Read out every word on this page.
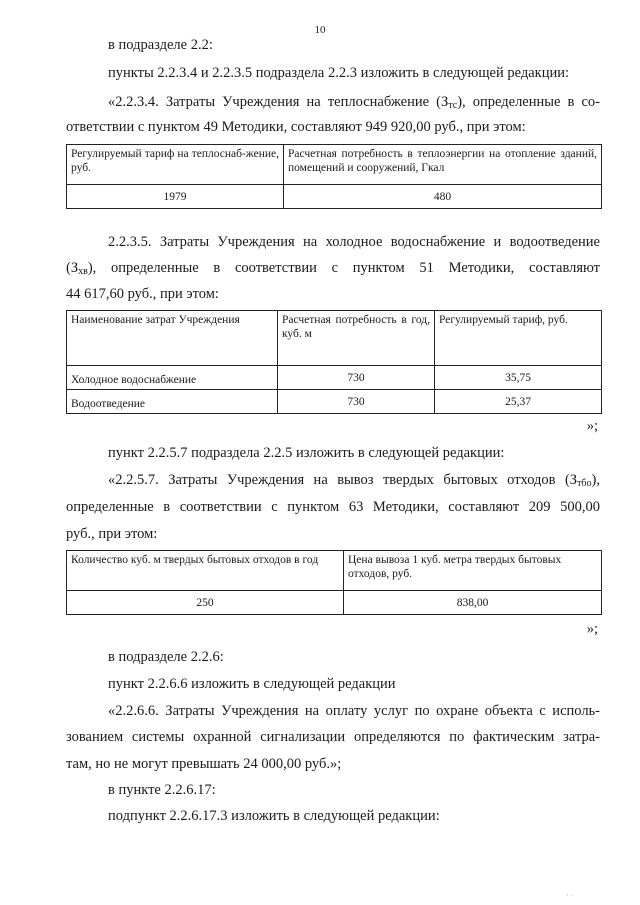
10
в подразделе 2.2:
пункты 2.2.3.4 и 2.2.3.5 подраздела 2.2.3 изложить в следующей редакции:
«2.2.3.4. Затраты Учреждения на теплоснабжение $(З_{тс})$, определенные в со-
ответствии с пунктом 49 Методики, составляют 949 920,00 руб., при этом:
Регулируемый тариф на теплоснаб-жение, руб.	Расчетная потребность в теплоэнергии на отопление зданий, помещений и сооружений, Гкал
1979	480
2.2.3.5. Затраты Учреждения на холодное водоснабжение и водоотведение
$(З_{хв})$, определенные в соответствии с пунктом 51 Методики, составляют
44 617,60 руб., при этом:
Наименование затрат Учреждения	Расчетная потребность в год, куб. м	Регулируемый тариф, руб.
Холодное водоснабжение	730	35,75
Водоотведение	730	25,37
»;
пункт 2.2.5.7 подраздела 2.2.5 изложить в следующей редакции:
«2.2.5.7. Затраты Учреждения на вывоз твердых бытовых отходов $(З_{тбо})$,
определенные в соответствии с пунктом 63 Методики, составляют 209 500,00
руб., при этом:
Количество куб. м твердых бытовых отходов в год	Цена вывоза 1 куб. метра твердых бытовых отходов, руб.
250	838,00
»;
в подразделе 2.2.6:
пункт 2.2.6.6 изложить в следующей редакции
«2.2.6.6. Затраты Учреждения на оплату услуг по охране объекта с исполь-
зованием системы охранной сигнализации определяются по фактическим затра-
там, но не могут превышать 24 000,00 руб.»;
в пункте 2.2.6.17:
подпункт 2.2.6.17.3 изложить в следующей редакции:
· ·
